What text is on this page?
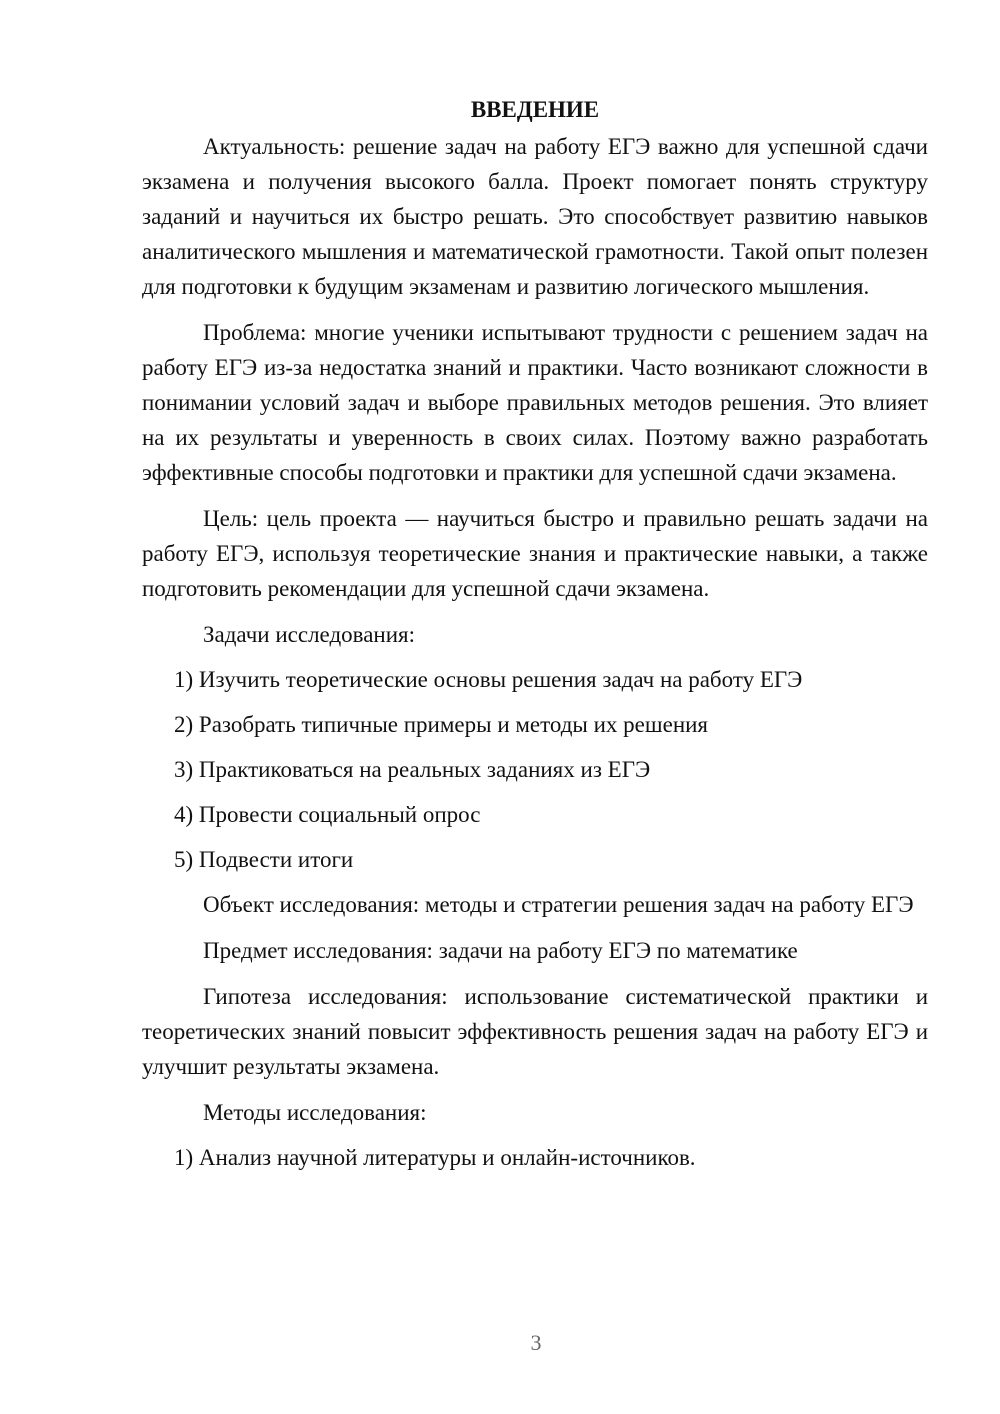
ВВЕДЕНИЕ

Актуальность: решение задач на работу ЕГЭ важно для успешной сдачи экзамена и получения высокого балла. Проект помогает понять структуру заданий и научиться их быстро решать. Это способствует развитию навыков аналитического мышления и математической грамотности. Такой опыт полезен для подготовки к будущим экзаменам и развитию логического мышления.

Проблема: многие ученики испытывают трудности с решением задач на работу ЕГЭ из-за недостатка знаний и практики. Часто возникают сложности в понимании условий задач и выборе правильных методов решения. Это влияет на их результаты и уверенность в своих силах. Поэтому важно разработать эффективные способы подготовки и практики для успешной сдачи экзамена.

Цель: цель проекта — научиться быстро и правильно решать задачи на работу ЕГЭ, используя теоретические знания и практические навыки, а также подготовить рекомендации для успешной сдачи экзамена.

Задачи исследования:

1) Изучить теоретические основы решения задач на работу ЕГЭ
2) Разобрать типичные примеры и методы их решения
3) Практиковаться на реальных заданиях из ЕГЭ
4) Провести социальный опрос
5) Подвести итоги

Объект исследования: методы и стратегии решения задач на работу ЕГЭ

Предмет исследования: задачи на работу ЕГЭ по математике

Гипотеза исследования: использование систематической практики и теоретических знаний повысит эффективность решения задач на работу ЕГЭ и улучшит результаты экзамена.

Методы исследования:

1) Анализ научной литературы и онлайн-источников.
3
